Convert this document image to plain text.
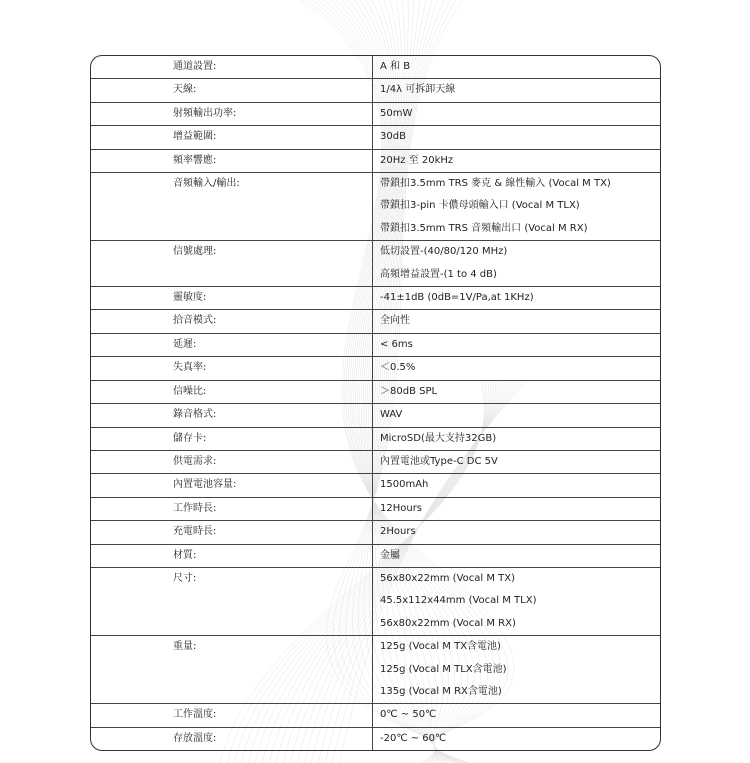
通道設置:	A 和 B
天線:	1/4λ 可拆卸天線
射頻輸出功率:	50mW
增益範圍:	30dB
頻率響應:	20Hz 至 20kHz
音頻輸入/輸出:	帶鎖扣3.5mm TRS 麥克 & 線性輸入 (Vocal M TX)
帶鎖扣3-pin 卡儂母頭輸入口 (Vocal M TLX)
帶鎖扣3.5mm TRS 音頻輸出口 (Vocal M RX)
信號處理:	低切設置-(40/80/120 MHz)
高頻增益設置-(1 to 4 dB)
靈敏度:	-41±1dB (0dB=1V/Pa,at 1KHz)
拾音模式:	全向性
延遲:	< 6ms
失真率:	＜0.5%
信噪比:	＞80dB SPL
錄音格式:	WAV
儲存卡:	MicroSD(最大支持32GB)
供電需求:	內置電池或Type-C DC 5V
內置電池容量:	1500mAh
工作時長:	12Hours
充電時長:	2Hours
材質:	金屬
尺寸:	56x80x22mm (Vocal M TX)
45.5x112x44mm (Vocal M TLX)
56x80x22mm (Vocal M RX)
重量:	125g (Vocal M TX含電池)
125g (Vocal M TLX含電池)
135g (Vocal M RX含電池)
工作溫度:	0℃ ~ 50℃
存放溫度:	-20℃ ~ 60℃
